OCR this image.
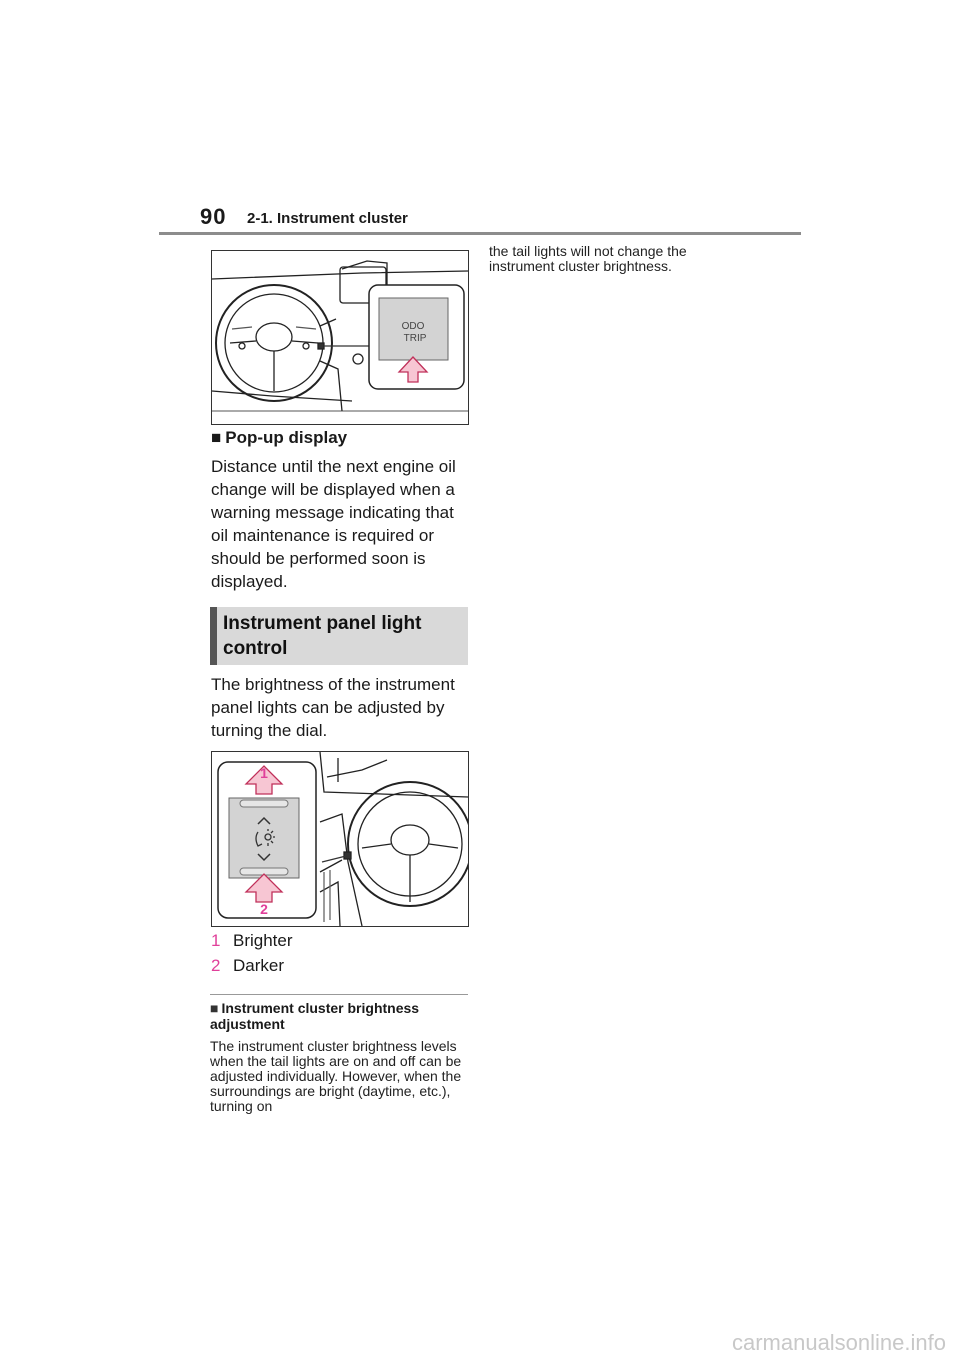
90 2-1. Instrument cluster
ODO
TRIP
■ Pop-up display
Distance until the next engine oil change will be displayed when a warning message indicating that oil maintenance is required or should be performed soon is displayed.
Instrument panel light control
The brightness of the instrument panel lights can be adjusted by turning the dial.
1
2
1 Brighter
2 Darker
■ Instrument cluster brightness adjustment
The instrument cluster brightness levels when the tail lights are on and off can be adjusted individually. However, when the surroundings are bright (daytime, etc.), turning on
the tail lights will not change the instrument cluster brightness.
carmanualsonline.info
